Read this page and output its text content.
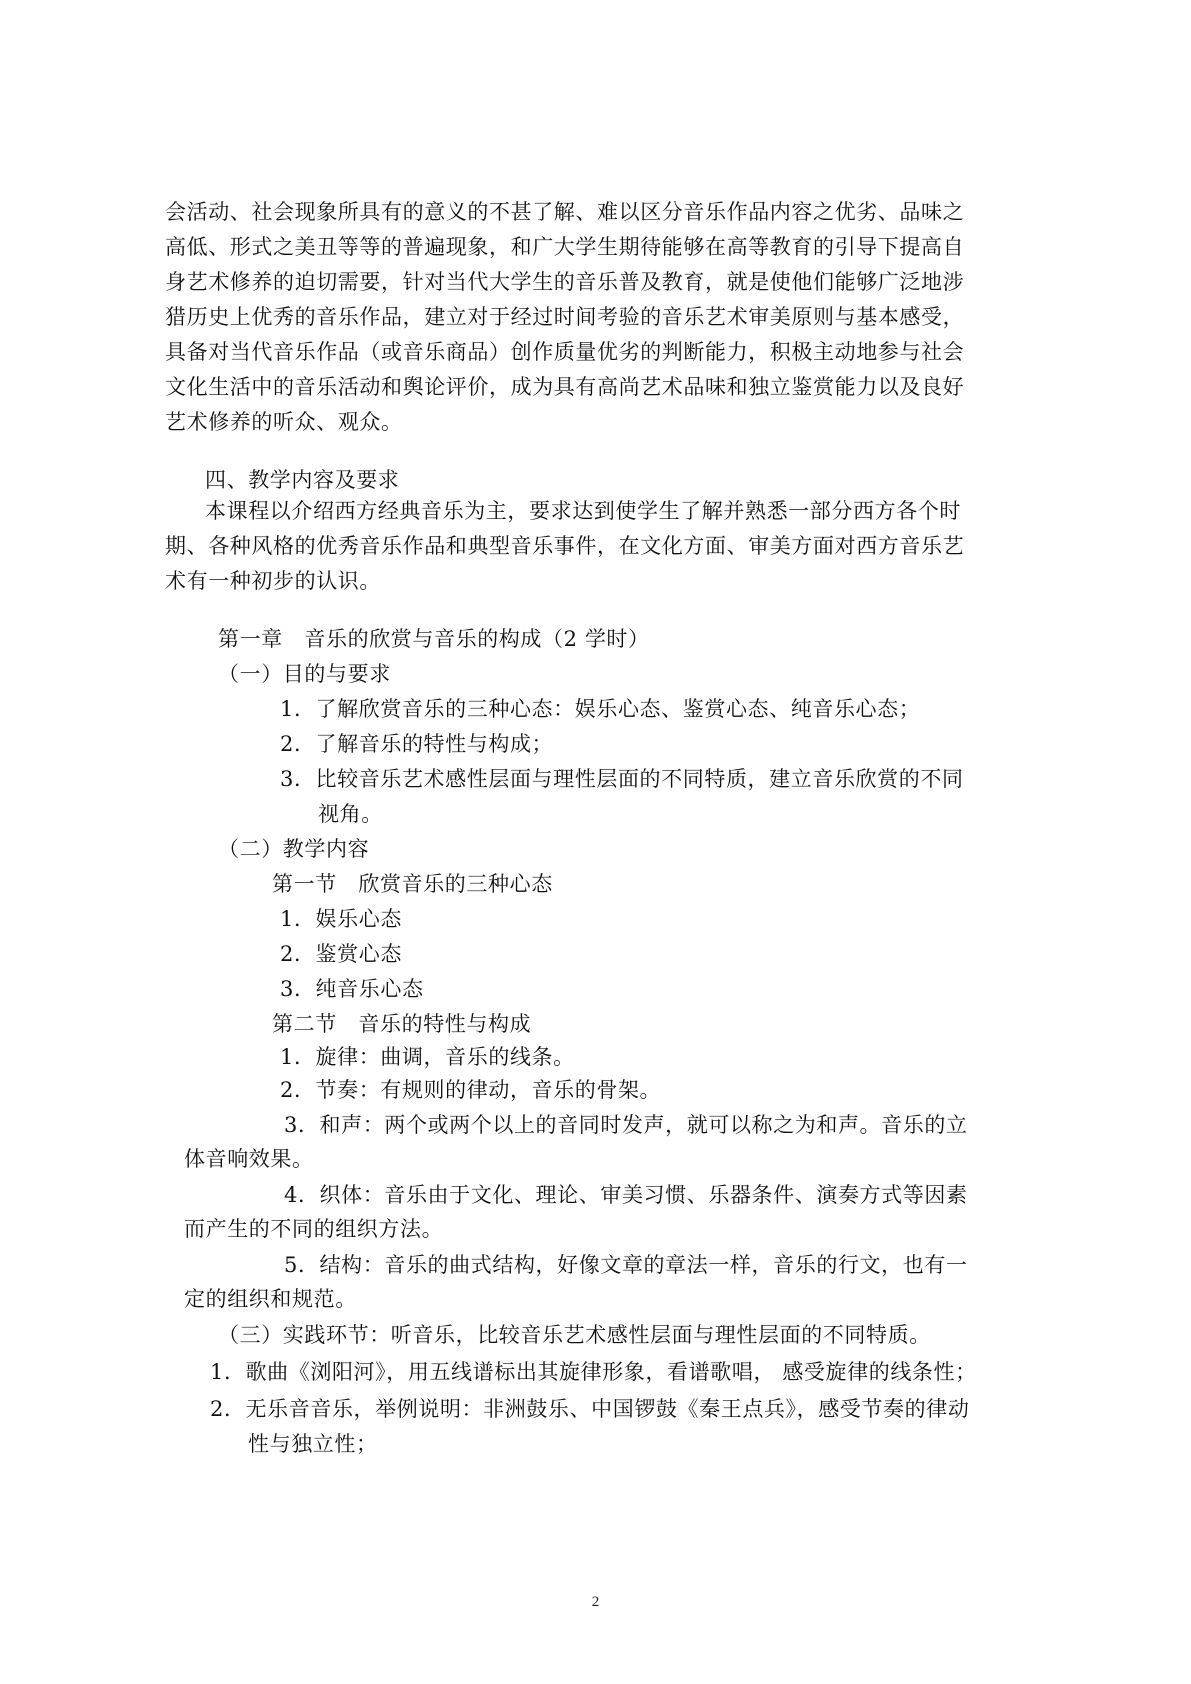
会活动、社会现象所具有的意义的不甚了解、难以区分音乐作品内容之优劣、品味之
高低、形式之美丑等等的普遍现象，和广大学生期待能够在高等教育的引导下提高自
身艺术修养的迫切需要，针对当代大学生的音乐普及教育，就是使他们能够广泛地涉
猎历史上优秀的音乐作品，建立对于经过时间考验的音乐艺术审美原则与基本感受，
具备对当代音乐作品（或音乐商品）创作质量优劣的判断能力，积极主动地参与社会
文化生活中的音乐活动和舆论评价，成为具有高尚艺术品味和独立鉴赏能力以及良好
艺术修养的听众、观众。
四、教学内容及要求
本课程以介绍西方经典音乐为主，要求达到使学生了解并熟悉一部分西方各个时
期、各种风格的优秀音乐作品和典型音乐事件，在文化方面、审美方面对西方音乐艺
术有一种初步的认识。
第一章　音乐的欣赏与音乐的构成（2 学时）
（一）目的与要求
1．了解欣赏音乐的三种心态：娱乐心态、鉴赏心态、纯音乐心态；
2．了解音乐的特性与构成；
3．比较音乐艺术感性层面与理性层面的不同特质，建立音乐欣赏的不同
视角。
（二）教学内容
第一节　欣赏音乐的三种心态
1．娱乐心态
2．鉴赏心态
3．纯音乐心态
第二节　音乐的特性与构成
1．旋律：曲调，音乐的线条。
2．节奏：有规则的律动，音乐的骨架。
3．和声：两个或两个以上的音同时发声，就可以称之为和声。音乐的立
体音响效果。
4．织体：音乐由于文化、理论、审美习惯、乐器条件、演奏方式等因素
而产生的不同的组织方法。
5．结构：音乐的曲式结构，好像文章的章法一样，音乐的行文，也有一
定的组织和规范。
（三）实践环节：听音乐，比较音乐艺术感性层面与理性层面的不同特质。
1．歌曲《浏阳河》，用五线谱标出其旋律形象，看谱歌唱， 感受旋律的线条性；
2．无乐音音乐，举例说明：非洲鼓乐、中国锣鼓《秦王点兵》，感受节奏的律动
性与独立性；
2
